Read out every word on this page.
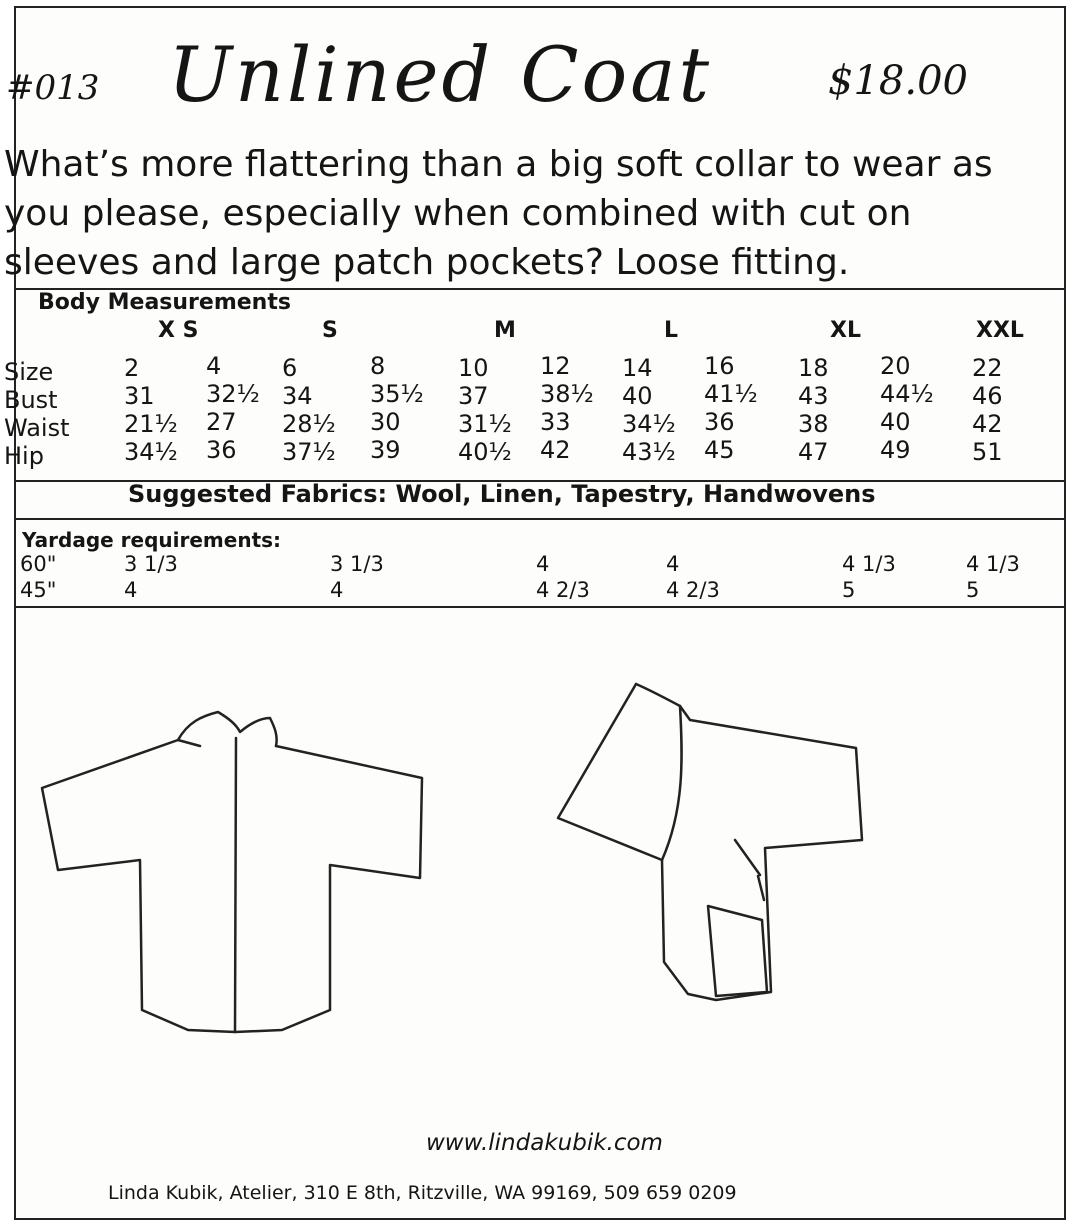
#013 Unlined Coat	$18.00
What’s more flattering than a big soft collar to wear as you please, especially when combined with cut on sleeves and large patch pockets? Loose fitting.
Body Measurements
X S	S	M	L	XL	XXL
Size	2	4	6	8	10 12 14 16	18 20	22
Bust	31 32½ 34 35½ 37 38½ 40 41½ 43 44½ 46
Waist 21½ 27 28½ 30 31½ 33 34½ 36	38 40	42
Hip	34½ 36 37½ 39 40½ 42 43½ 45	47 49	51
Suggested Fabrics: Wool, Linen, Tapestry, Handwovens
Yardage requirements:
60"	3 1/3	3 1/3	4	4	4 1/3	4 1/3
45"	4	4	4 2/3	4 2/3	5	5
www.lindakubik.com
Linda Kubik, Atelier, 310 E 8th, Ritzville, WA 99169, 509 659 0209
